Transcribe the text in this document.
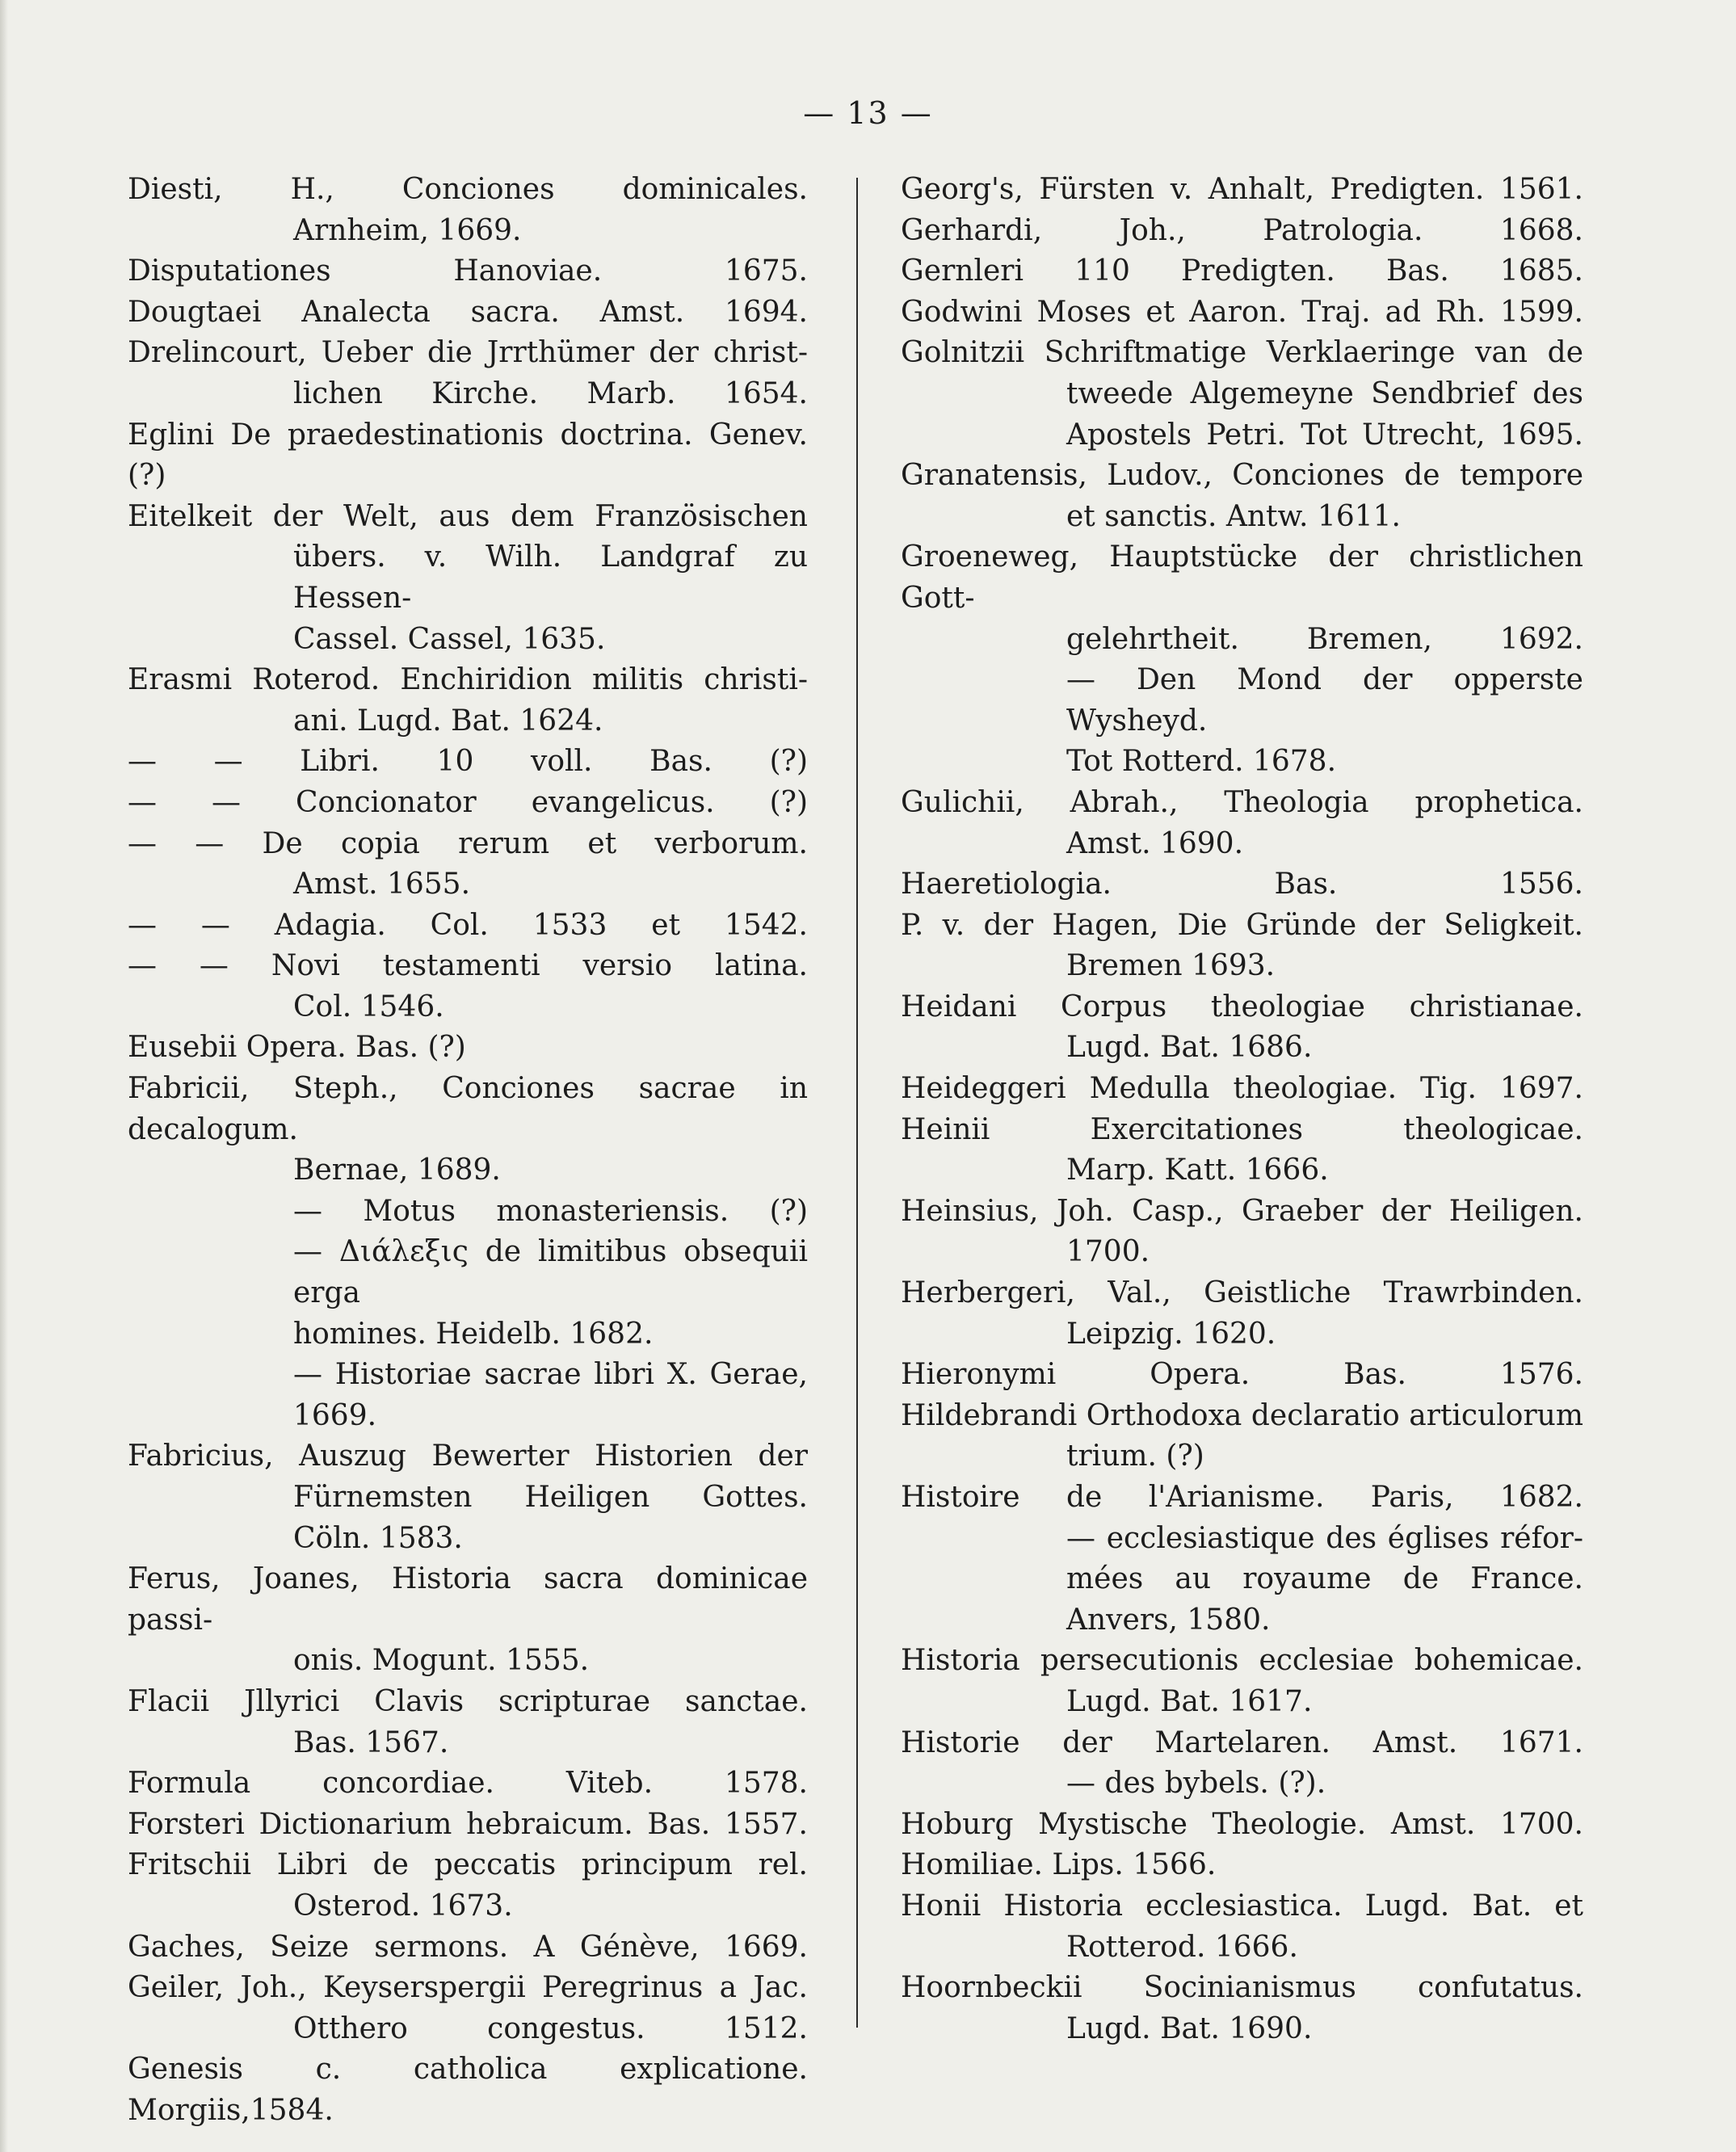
— 13 —
Diesti, H., Conciones dominicales.
Arnheim, 1669.
Disputationes Hanoviae. 1675.
Dougtaei Analecta sacra. Amst. 1694.
Drelincourt, Ueber die Jrrthümer der christ-
lichen Kirche. Marb. 1654.
Eglini De praedestinationis doctrina. Genev. (?)
Eitelkeit der Welt, aus dem Französischen
übers. v. Wilh. Landgraf zu Hessen-
Cassel. Cassel, 1635.
Erasmi Roterod. Enchiridion militis christi-
ani. Lugd. Bat. 1624.
— — Libri. 10 voll. Bas. (?)
— — Concionator evangelicus. (?)
— — De copia rerum et verborum.
Amst. 1655.
— — Adagia. Col. 1533 et 1542.
— — Novi testamenti versio latina.
Col. 1546.
Eusebii Opera. Bas. (?)
Fabricii, Steph., Conciones sacrae in decalogum.
Bernae, 1689.
— Motus monasteriensis. (?)
— Διάλεξις de limitibus obsequii erga
homines. Heidelb. 1682.
— Historiae sacrae libri X. Gerae, 1669.
Fabricius, Auszug Bewerter Historien der
Fürnemsten Heiligen Gottes.
Cöln. 1583.
Ferus, Joanes, Historia sacra dominicae passi-
onis. Mogunt. 1555.
Flacii Jllyrici Clavis scripturae sanctae.
Bas. 1567.
Formula concordiae. Viteb. 1578.
Forsteri Dictionarium hebraicum. Bas. 1557.
Fritschii Libri de peccatis principum rel.
Osterod. 1673.
Gaches, Seize sermons. A Génève, 1669.
Geiler, Joh., Keyserspergii Peregrinus a Jac.
Otthero congestus. 1512.
Genesis c. catholica explicatione. Morgiis,1584.
Georg's, Fürsten v. Anhalt, Predigten. 1561.
Gerhardi, Joh., Patrologia. 1668.
Gernleri 110 Predigten. Bas. 1685.
Godwini Moses et Aaron. Traj. ad Rh. 1599.
Golnitzii Schriftmatige Verklaeringe van de
tweede Algemeyne Sendbrief des
Apostels Petri. Tot Utrecht, 1695.
Granatensis, Ludov., Conciones de tempore
et sanctis. Antw. 1611.
Groeneweg, Hauptstücke der christlichen Gott-
gelehrtheit. Bremen, 1692.
— Den Mond der opperste Wysheyd.
Tot Rotterd. 1678.
Gulichii, Abrah., Theologia prophetica.
Amst. 1690.
Haeretiologia. Bas. 1556.
P. v. der Hagen, Die Gründe der Seligkeit.
Bremen 1693.
Heidani Corpus theologiae christianae.
Lugd. Bat. 1686.
Heideggeri Medulla theologiae. Tig. 1697.
Heinii Exercitationes theologicae.
Marp. Katt. 1666.
Heinsius, Joh. Casp., Graeber der Heiligen.
1700.
Herbergeri, Val., Geistliche Trawrbinden.
Leipzig. 1620.
Hieronymi Opera. Bas. 1576.
Hildebrandi Orthodoxa declaratio articulorum
trium. (?)
Histoire de l'Arianisme. Paris, 1682.
— ecclesiastique des églises réfor-
mées au royaume de France.
Anvers, 1580.
Historia persecutionis ecclesiae bohemicae.
Lugd. Bat. 1617.
Historie der Martelaren. Amst. 1671.
— des bybels. (?).
Hoburg Mystische Theologie. Amst. 1700.
Homiliae. Lips. 1566.
Honii Historia ecclesiastica. Lugd. Bat. et
Rotterod. 1666.
Hoornbeckii Socinianismus confutatus.
Lugd. Bat. 1690.
